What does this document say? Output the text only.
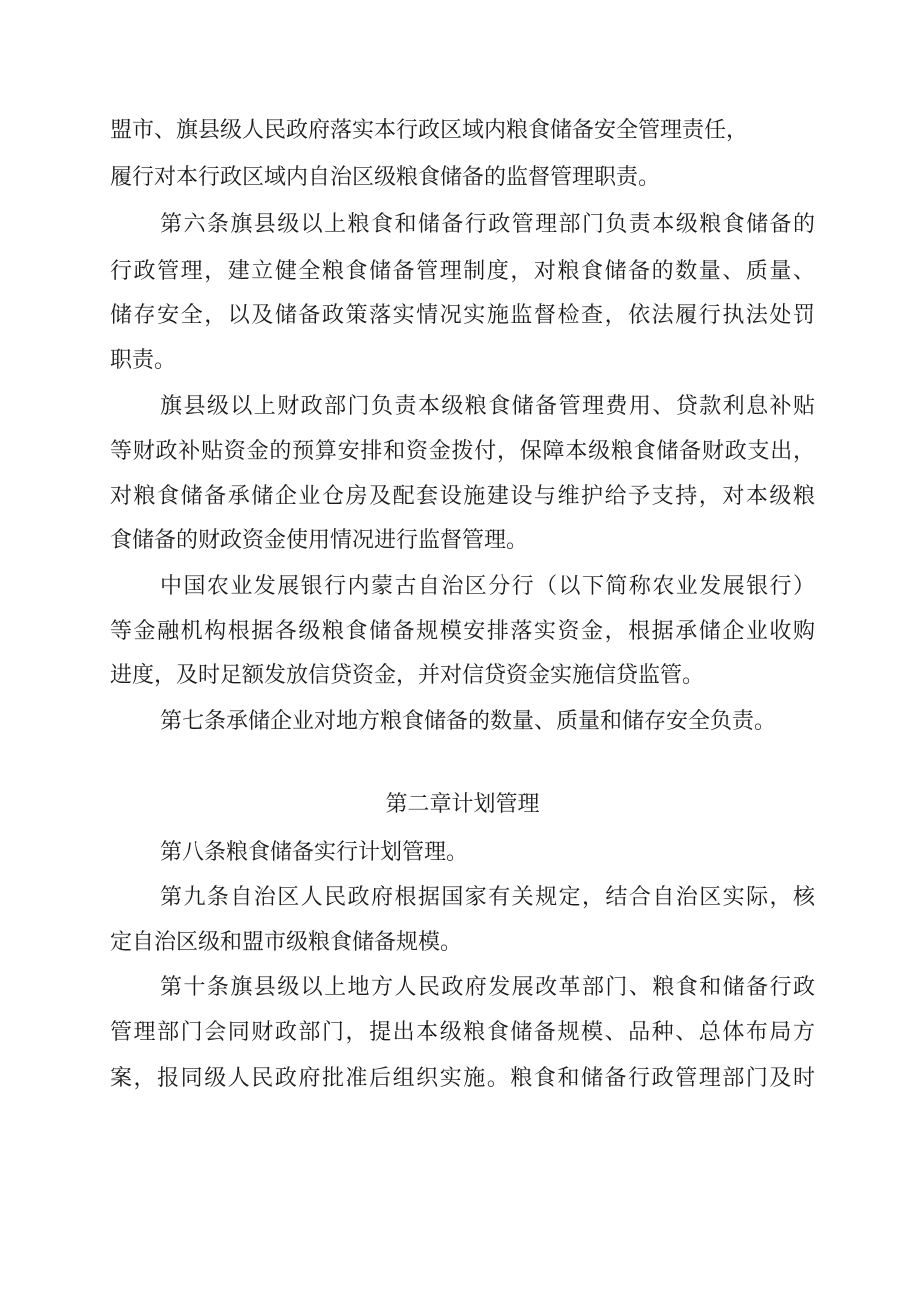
盟市、旗县级人民政府落实本行政区域内粮食储备安全管理责任，
履行对本行政区域内自治区级粮食储备的监督管理职责。
第六条旗县级以上粮食和储备行政管理部门负责本级粮食储备的
行政管理，建立健全粮食储备管理制度，对粮食储备的数量、质量、
储存安全，以及储备政策落实情况实施监督检查，依法履行执法处罚
职责。
旗县级以上财政部门负责本级粮食储备管理费用、贷款利息补贴
等财政补贴资金的预算安排和资金拨付，保障本级粮食储备财政支出，
对粮食储备承储企业仓房及配套设施建设与维护给予支持，对本级粮
食储备的财政资金使用情况进行监督管理。
中国农业发展银行内蒙古自治区分行（以下简称农业发展银行）
等金融机构根据各级粮食储备规模安排落实资金，根据承储企业收购
进度，及时足额发放信贷资金，并对信贷资金实施信贷监管。
第七条承储企业对地方粮食储备的数量、质量和储存安全负责。
第二章计划管理
第八条粮食储备实行计划管理。
第九条自治区人民政府根据国家有关规定，结合自治区实际，核
定自治区级和盟市级粮食储备规模。
第十条旗县级以上地方人民政府发展改革部门、粮食和储备行政
管理部门会同财政部门，提出本级粮食储备规模、品种、总体布局方
案，报同级人民政府批准后组织实施。粮食和储备行政管理部门及时
